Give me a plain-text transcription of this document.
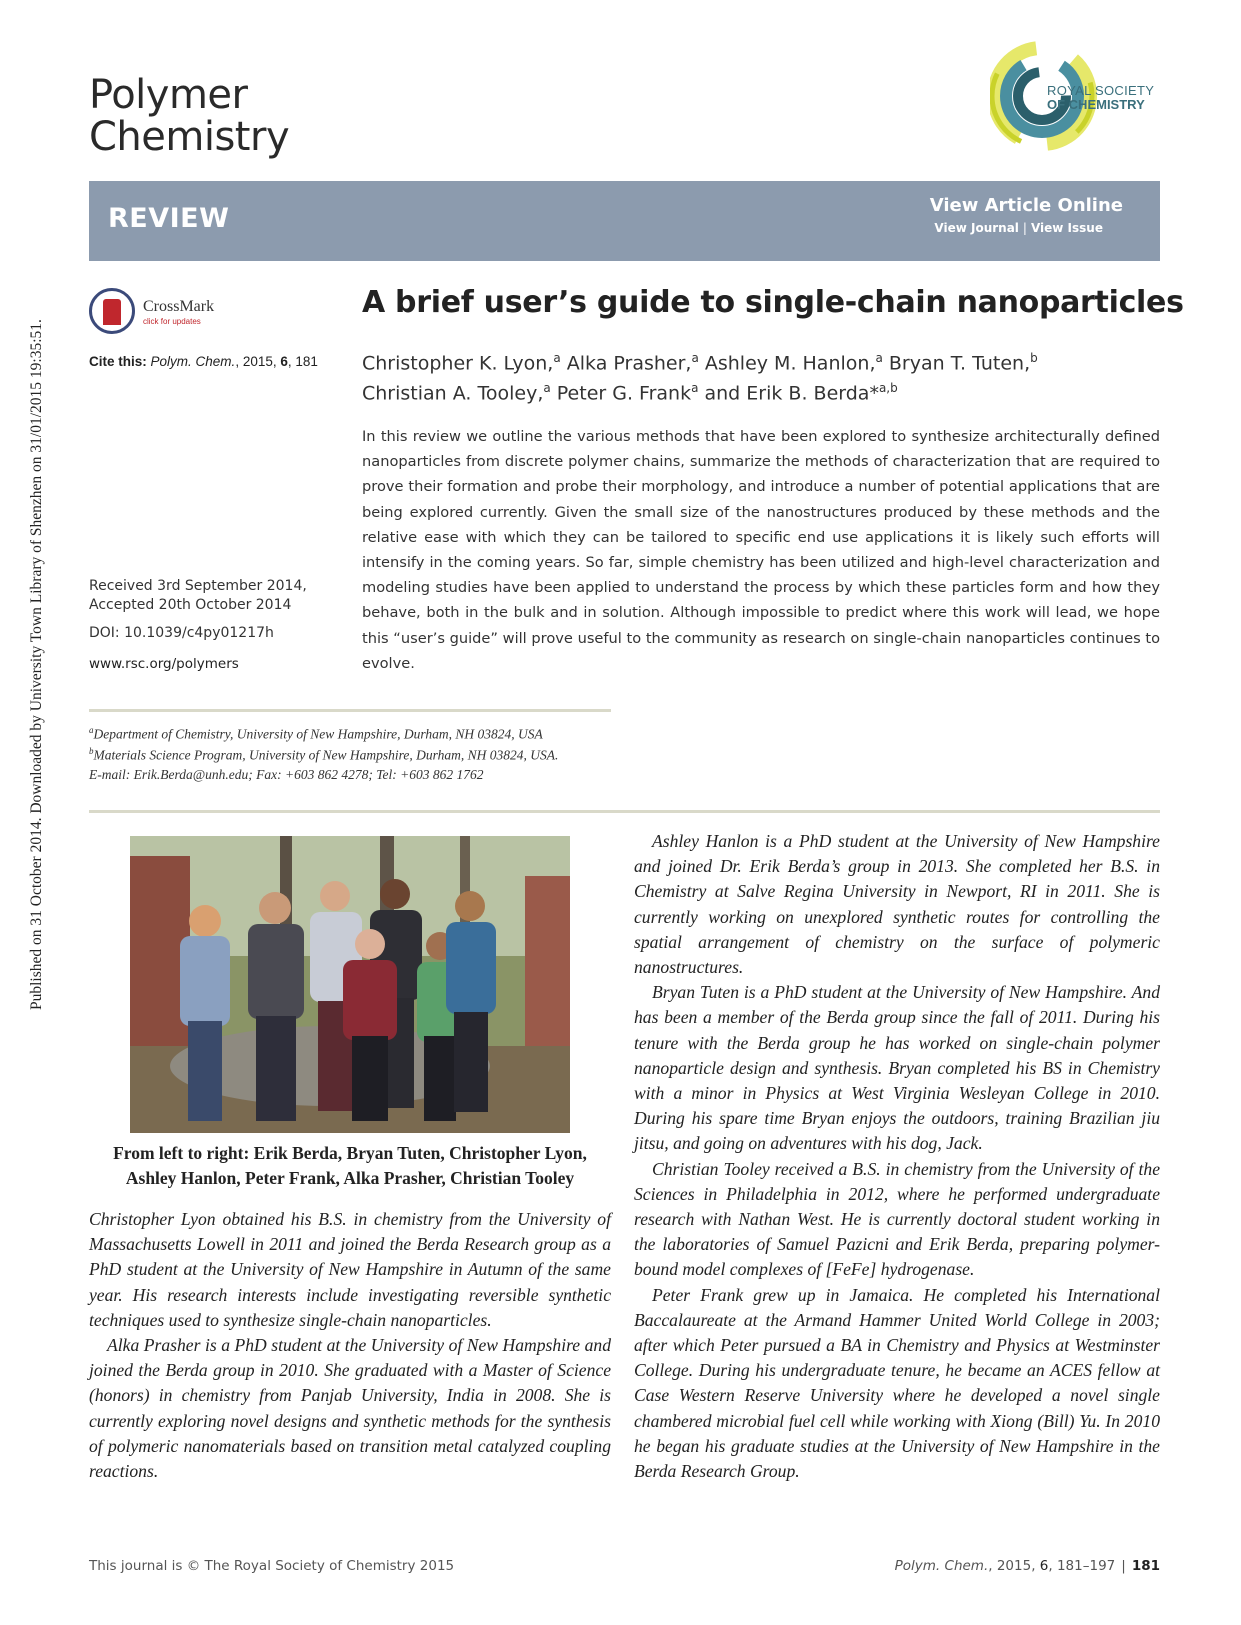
Published on 31 October 2014. Downloaded by University Town Library of Shenzhen on 31/01/2015 19:35:51.
Polymer
Chemistry
ROYAL SOCIETY
OF CHEMISTRY
REVIEW	View Article Online
View Journal | View Issue
CrossMark
click for updates
Cite this: Polym. Chem., 2015, 6, 181
Received 3rd September 2014,
Accepted 20th October 2014
DOI: 10.1039/c4py01217h
www.rsc.org/polymers
A brief user’s guide to single-chain nanoparticles
Christopher K. Lyon,$^a$ Alka Prasher,$^a$ Ashley M. Hanlon,$^a$ Bryan T. Tuten,$^b$
Christian A. Tooley,$^a$ Peter G. Frank$^a$ and Erik B. Berda*$^{a,b}$
In this review we outline the various methods that have been explored to synthesize architecturally defined nanoparticles from discrete polymer chains, summarize the methods of characterization that are required to prove their formation and probe their morphology, and introduce a number of potential applications that are being explored currently. Given the small size of the nanostructures produced by these methods and the relative ease with which they can be tailored to specific end use applications it is likely such efforts will intensify in the coming years. So far, simple chemistry has been utilized and high-level characterization and modeling studies have been applied to understand the process by which these particles form and how they behave, both in the bulk and in solution. Although impossible to predict where this work will lead, we hope this “user’s guide” will prove useful to the community as research on single-chain nanoparticles continues to evolve.
$^a$Department of Chemistry, University of New Hampshire, Durham, NH 03824, USA
$^b$Materials Science Program, University of New Hampshire, Durham, NH 03824, USA.
E-mail: Erik.Berda@unh.edu; Fax: +603 862 4278; Tel: +603 862 1762
From left to right: Erik Berda, Bryan Tuten, Christopher Lyon, Ashley Hanlon, Peter Frank, Alka Prasher, Christian Tooley

Christopher Lyon obtained his B.S. in chemistry from the University of Massachusetts Lowell in 2011 and joined the Berda Research group as a PhD student at the University of New Hampshire in Autumn of the same year. His research interests include investigating reversible synthetic techniques used to synthesize single-chain nanoparticles.

Alka Prasher is a PhD student at the University of New Hampshire and joined the Berda group in 2010. She graduated with a Master of Science (honors) in chemistry from Panjab University, India in 2008. She is currently exploring novel designs and synthetic methods for the synthesis of polymeric nanomaterials based on transition metal catalyzed coupling reactions.

Ashley Hanlon is a PhD student at the University of New Hampshire and joined Dr. Erik Berda’s group in 2013. She completed her B.S. in Chemistry at Salve Regina University in Newport, RI in 2011. She is currently working on unexplored synthetic routes for controlling the spatial arrangement of chemistry on the surface of polymeric nanostructures.

Bryan Tuten is a PhD student at the University of New Hampshire. And has been a member of the Berda group since the fall of 2011. During his tenure with the Berda group he has worked on single-chain polymer nanoparticle design and synthesis. Bryan completed his BS in Chemistry with a minor in Physics at West Virginia Wesleyan College in 2010. During his spare time Bryan enjoys the outdoors, training Brazilian jiu jitsu, and going on adventures with his dog, Jack.

Christian Tooley received a B.S. in chemistry from the University of the Sciences in Philadelphia in 2012, where he performed undergraduate research with Nathan West. He is currently doctoral student working in the laboratories of Samuel Pazicni and Erik Berda, preparing polymer-bound model complexes of [FeFe] hydrogenase.

Peter Frank grew up in Jamaica. He completed his International Baccalaureate at the Armand Hammer United World College in 2003; after which Peter pursued a BA in Chemistry and Physics at Westminster College. During his undergraduate tenure, he became an ACES fellow at Case Western Reserve University where he developed a novel single chambered microbial fuel cell while working with Xiong (Bill) Yu. In 2010 he began his graduate studies at the University of New Hampshire in the Berda Research Group.

This journal is © The Royal Society of Chemistry 2015	Polym. Chem., 2015, 6, 181–197 | 181
